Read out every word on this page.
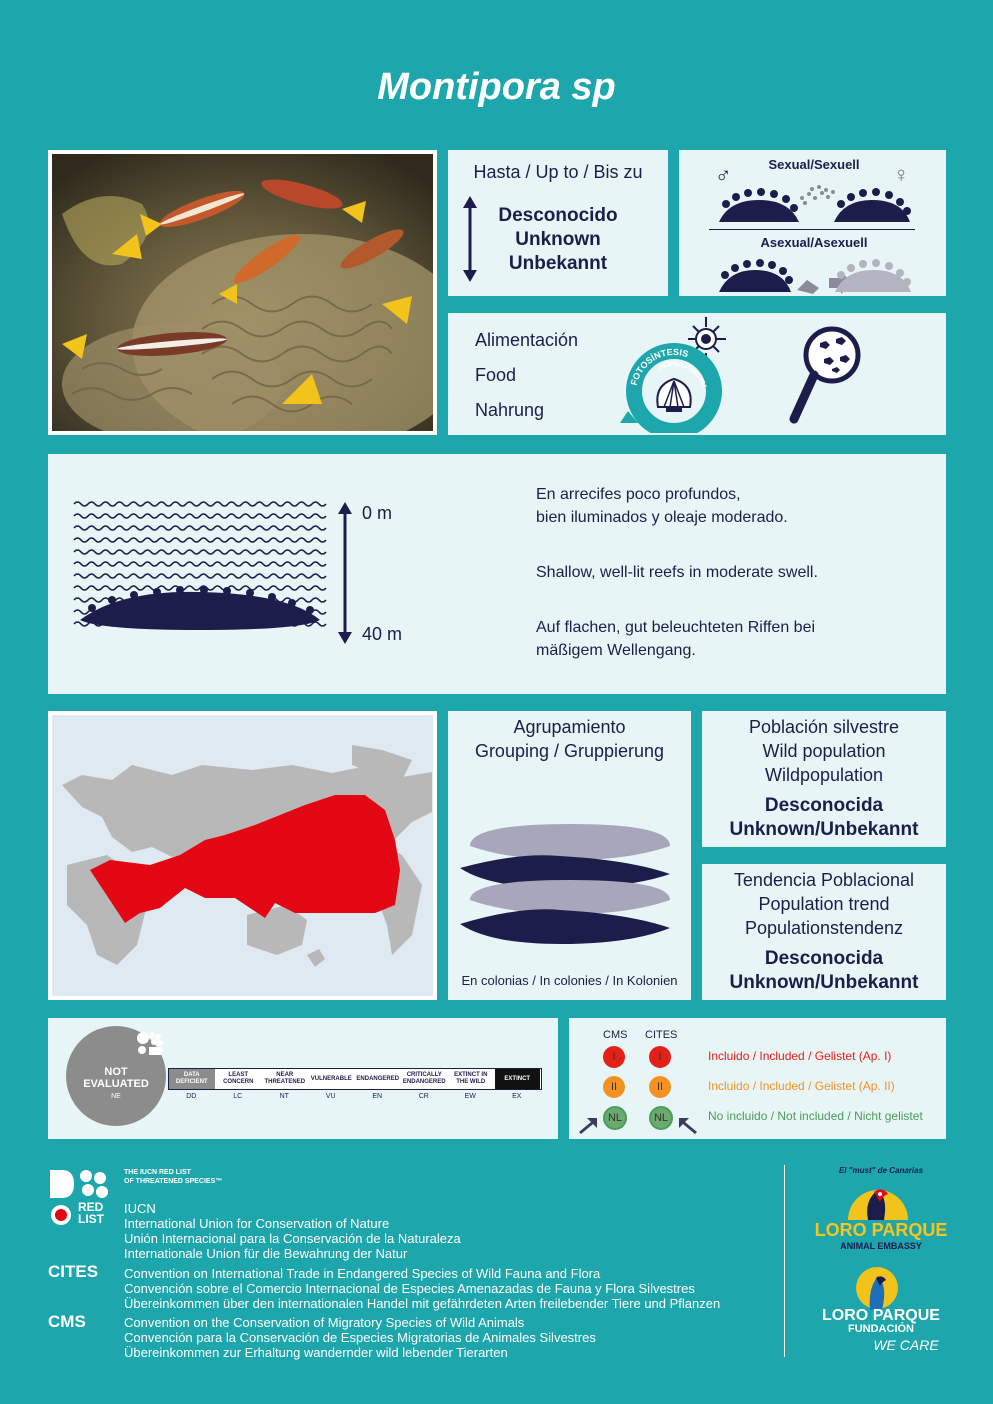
Montipora sp
Hasta / Up to / Bis zu
Desconocido
Unknown
Unbekannt
Sexual/Sexuell
♂	♀
Asexual/Asexuell
Alimentación
Food
Nahrung
FOTOSÍNTESIS
PHOTOSYNTHESE
0 m
40 m
En arrecifes poco profundos,
bien iluminados y oleaje moderado.
Shallow, well-lit reefs in moderate swell.
Auf flachen, gut beleuchteten Riffen bei
mäßigem Wellengang.
Agrupamiento
Grouping / Gruppierung
En colonias / In colonies / In Kolonien
Población silvestre
Wild population
Wildpopulation
Desconocida
Unknown/Unbekannt
Tendencia Poblacional
Population trend
Populationstendenz
Desconocida
Unknown/Unbekannt
NOT
EVALUATED
NE
DATA DEFICIENT
DD
LEAST CONCERN
LC
NEAR THREATENED
NT
VULNERABLE
VU
ENDANGERED
EN
CRITICALLY ENDANGERED
CR
EXTINCT IN THE WILD
EW
EXTINCT
EX
CMS CITES
I	I	Incluido / Included / Gelistet (Ap. I)
II	II	Incluido / Included / Gelistet (Ap. II)
NL	NL	No incluido / Not included / Nicht gelistet
THE IUCN RED LIST
OF THREATENED SPECIES™
RED
LIST
IUCN
International Union for Conservation of Nature
Unión Internacional para la Conservación de la Naturaleza
Internationale Union für die Bewahrung der Natur
CITES Convention on International Trade in Endangered Species of Wild Fauna and Flora
Convención sobre el Comercio Internacional de Especies Amenazadas de Fauna y Flora Silvestres
Übereinkommen über den internationalen Handel mit gefährdeten Arten freilebender Tiere und Pflanzen
CMS	Convention on the Conservation of Migratory Species of Wild Animals
Convención para la Conservación de Especies Migratorias de Animales Silvestres
Übereinkommen zur Erhaltung wandernder wild lebender Tierarten
El "must" de Canarias
LORO PARQUE
ANIMAL EMBASSY
LORO PARQUE
FUNDACIÓN
WE CARE
